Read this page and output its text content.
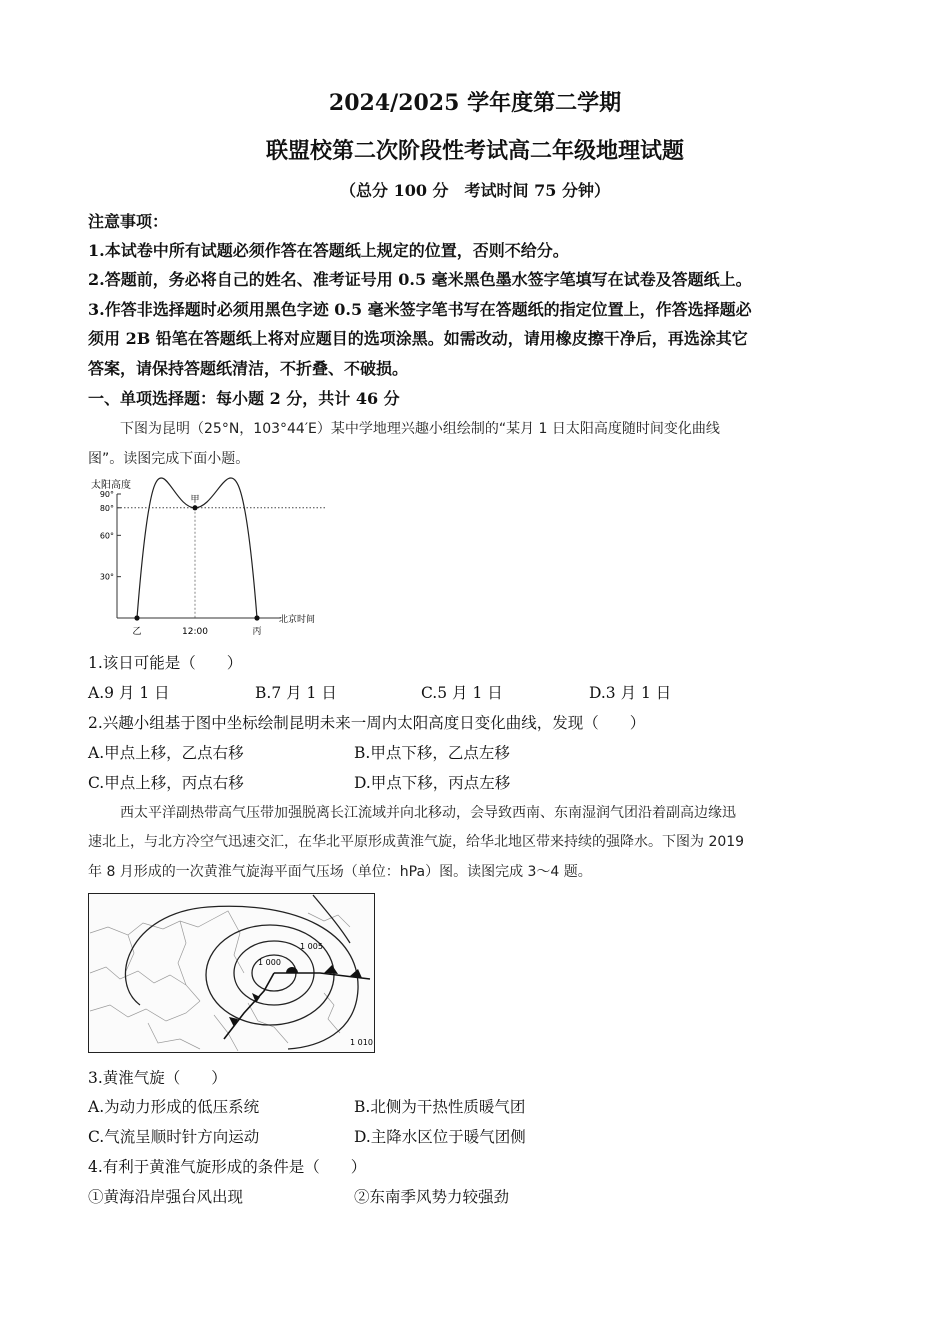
2024/2025 学年度第二学期
联盟校第二次阶段性考试高二年级地理试题
（总分 100 分　考试时间 75 分钟）
注意事项：
1.本试卷中所有试题必须作答在答题纸上规定的位置，否则不给分。
2.答题前，务必将自己的姓名、准考证号用 0.5 毫米黑色墨水签字笔填写在试卷及答题纸上。
3.作答非选择题时必须用黑色字迹 0.5 毫米签字笔书写在答题纸的指定位置上，作答选择题必
须用 2B 铅笔在答题纸上将对应题目的选项涂黑。如需改动，请用橡皮擦干净后，再选涂其它
答案，请保持答题纸清洁，不折叠、不破损。
一、单项选择题：每小题 2 分，共计 46 分
下图为昆明（25°N，103°44′E）某中学地理兴趣小组绘制的“某月 1 日太阳高度随时间变化曲线
图”。读图完成下面小题。
太阳高度
北京时间
30°
60°
80°
90°
甲
乙	12:00	丙
1.该日可能是（　　）
A.9 月 1 日	B.7 月 1 日	C.5 月 1 日	D.3 月 1 日
2.兴趣小组基于图中坐标绘制昆明未来一周内太阳高度日变化曲线，发现（　　）
A.甲点上移，乙点右移	B.甲点下移，乙点左移
C.甲点上移，丙点右移	D.甲点下移，丙点左移
西太平洋副热带高气压带加强脱离长江流域并向北移动，会导致西南、东南湿润气团沿着副高边缘迅
速北上，与北方冷空气迅速交汇，在华北平原形成黄淮气旋，给华北地区带来持续的强降水。下图为 2019
年 8 月形成的一次黄淮气旋海平面气压场（单位：hPa）图。读图完成 3～4 题。
1 000
1 005
1 010
3.黄淮气旋（　　）
A.为动力形成的低压系统	B.北侧为干热性质暖气团
C.气流呈顺时针方向运动	D.主降水区位于暖气团侧
4.有利于黄淮气旋形成的条件是（　　）
①黄海沿岸强台风出现	②东南季风势力较强劲
